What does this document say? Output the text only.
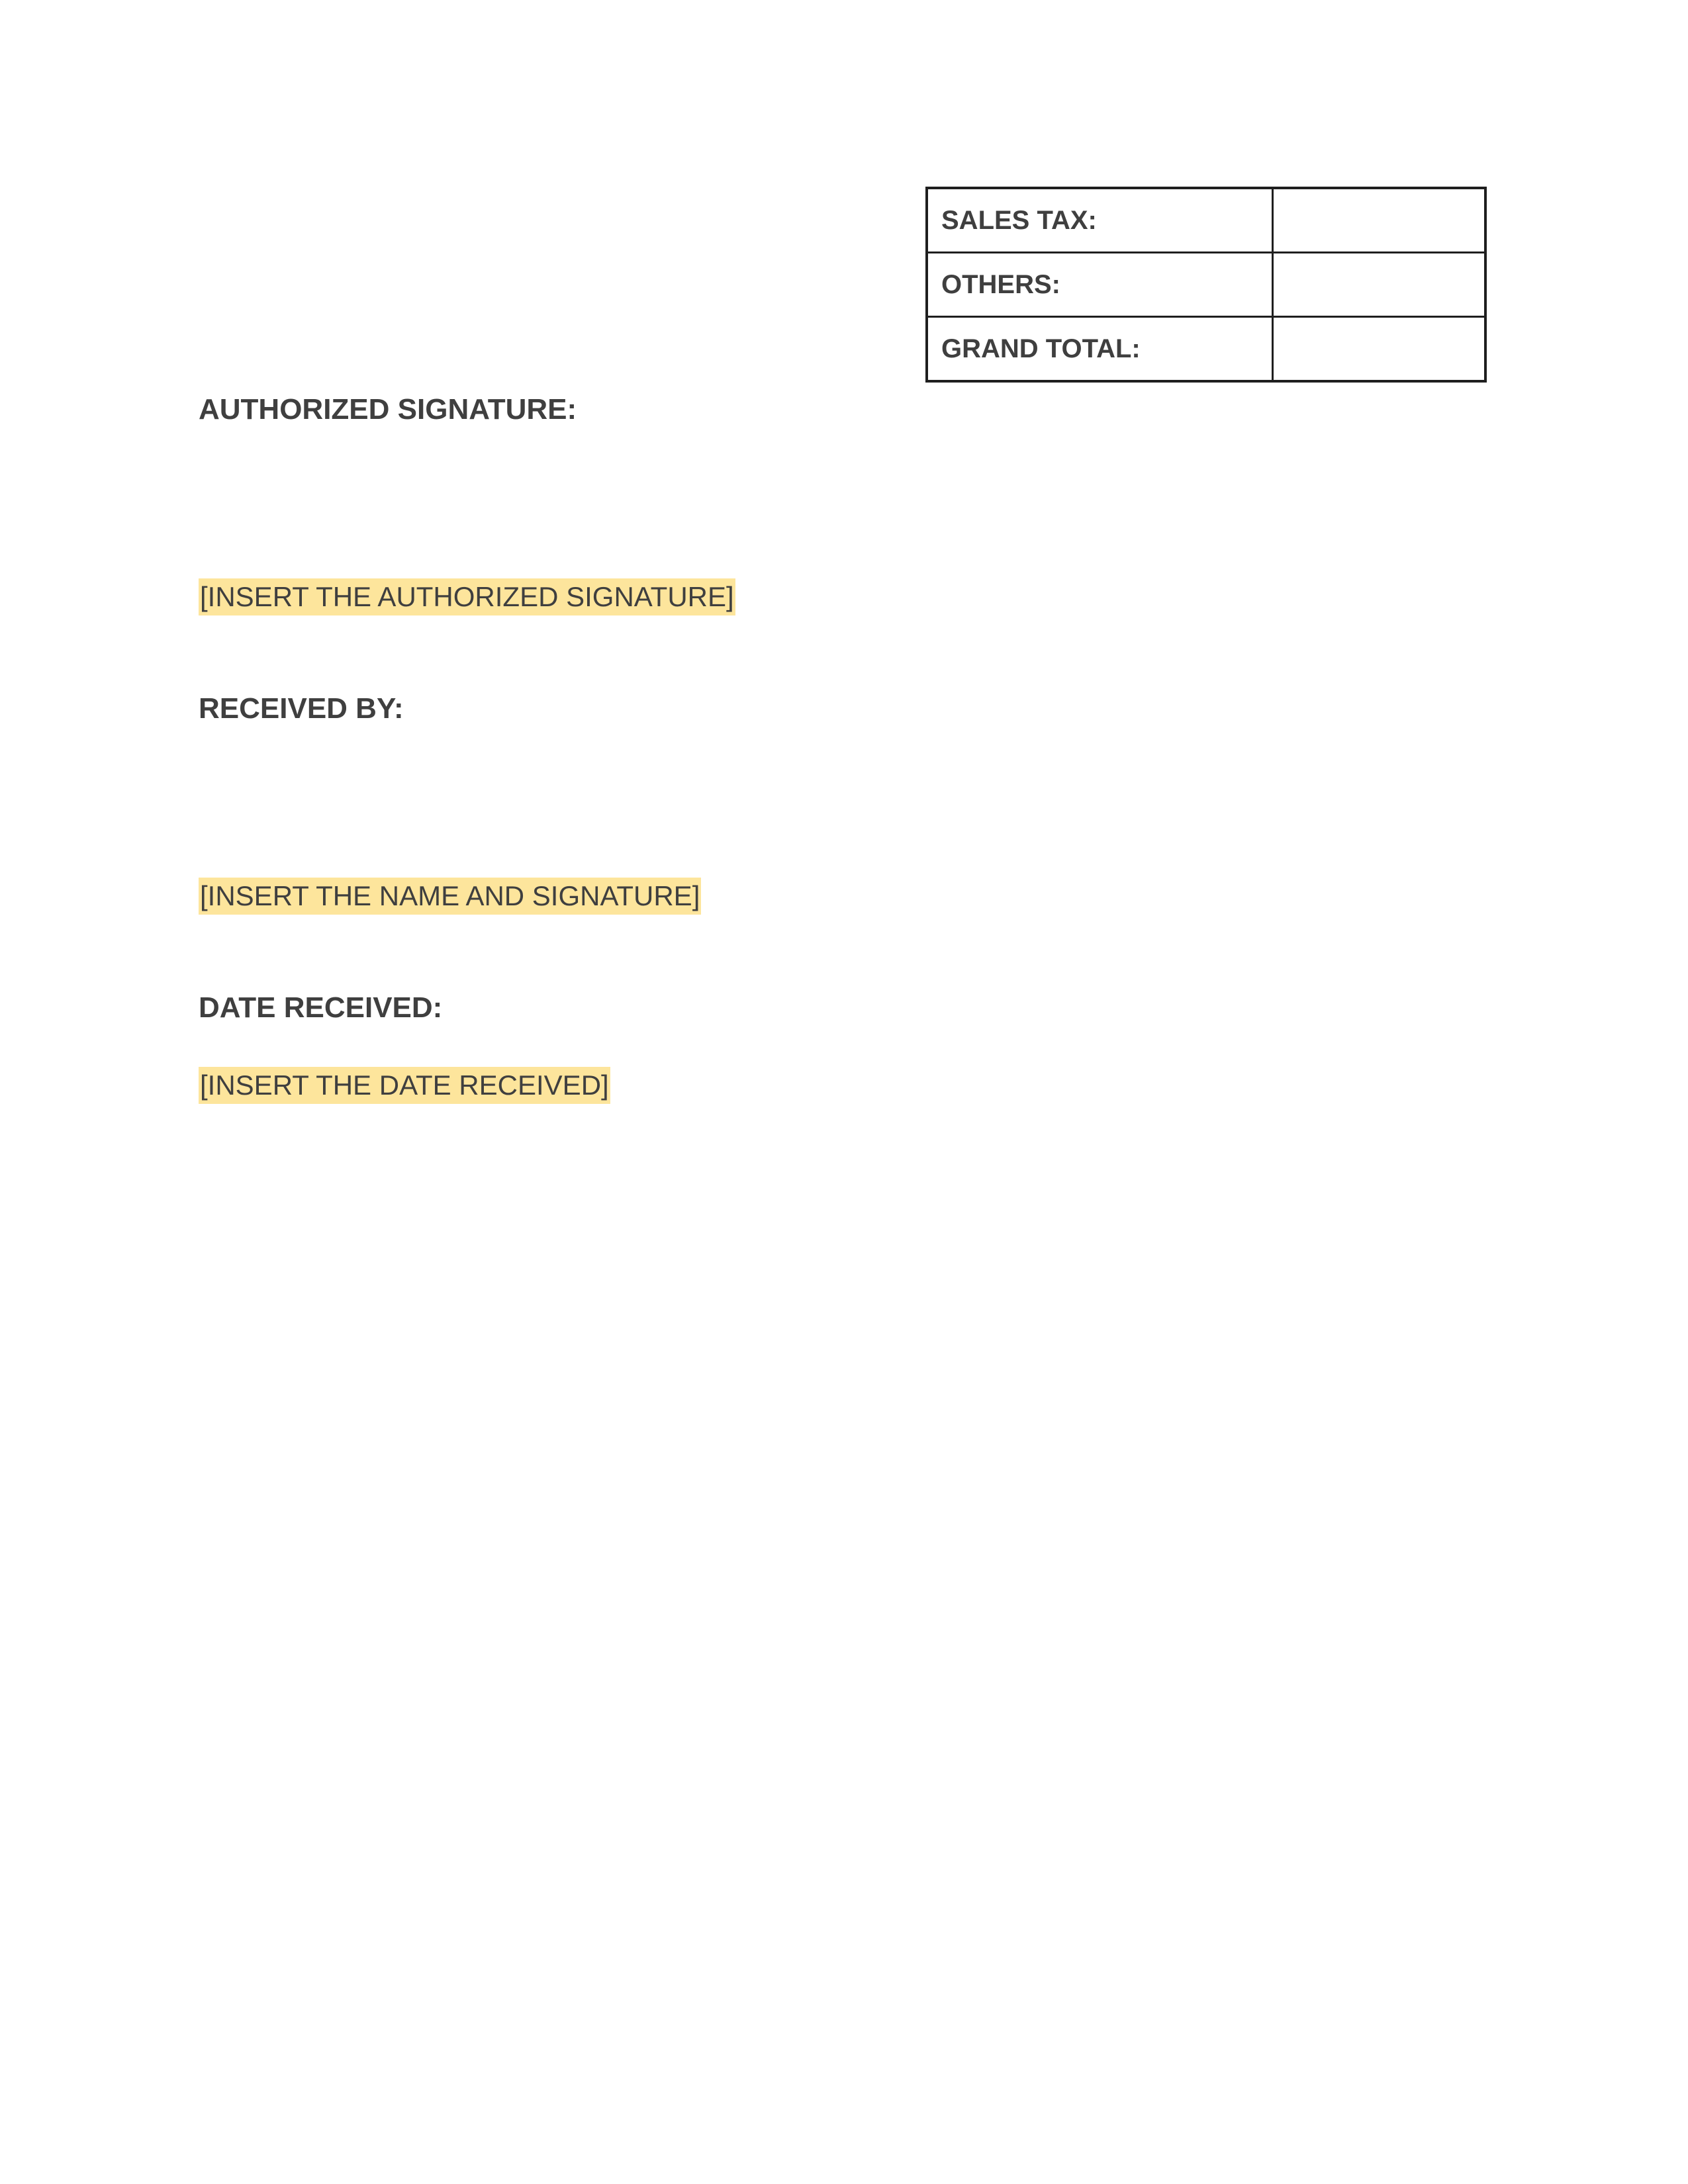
SALES TAX:	
OTHERS:	
GRAND TOTAL:	
AUTHORIZED SIGNATURE:
[INSERT THE AUTHORIZED SIGNATURE]
RECEIVED BY:
[INSERT THE NAME AND SIGNATURE]
DATE RECEIVED:
[INSERT THE DATE RECEIVED]
